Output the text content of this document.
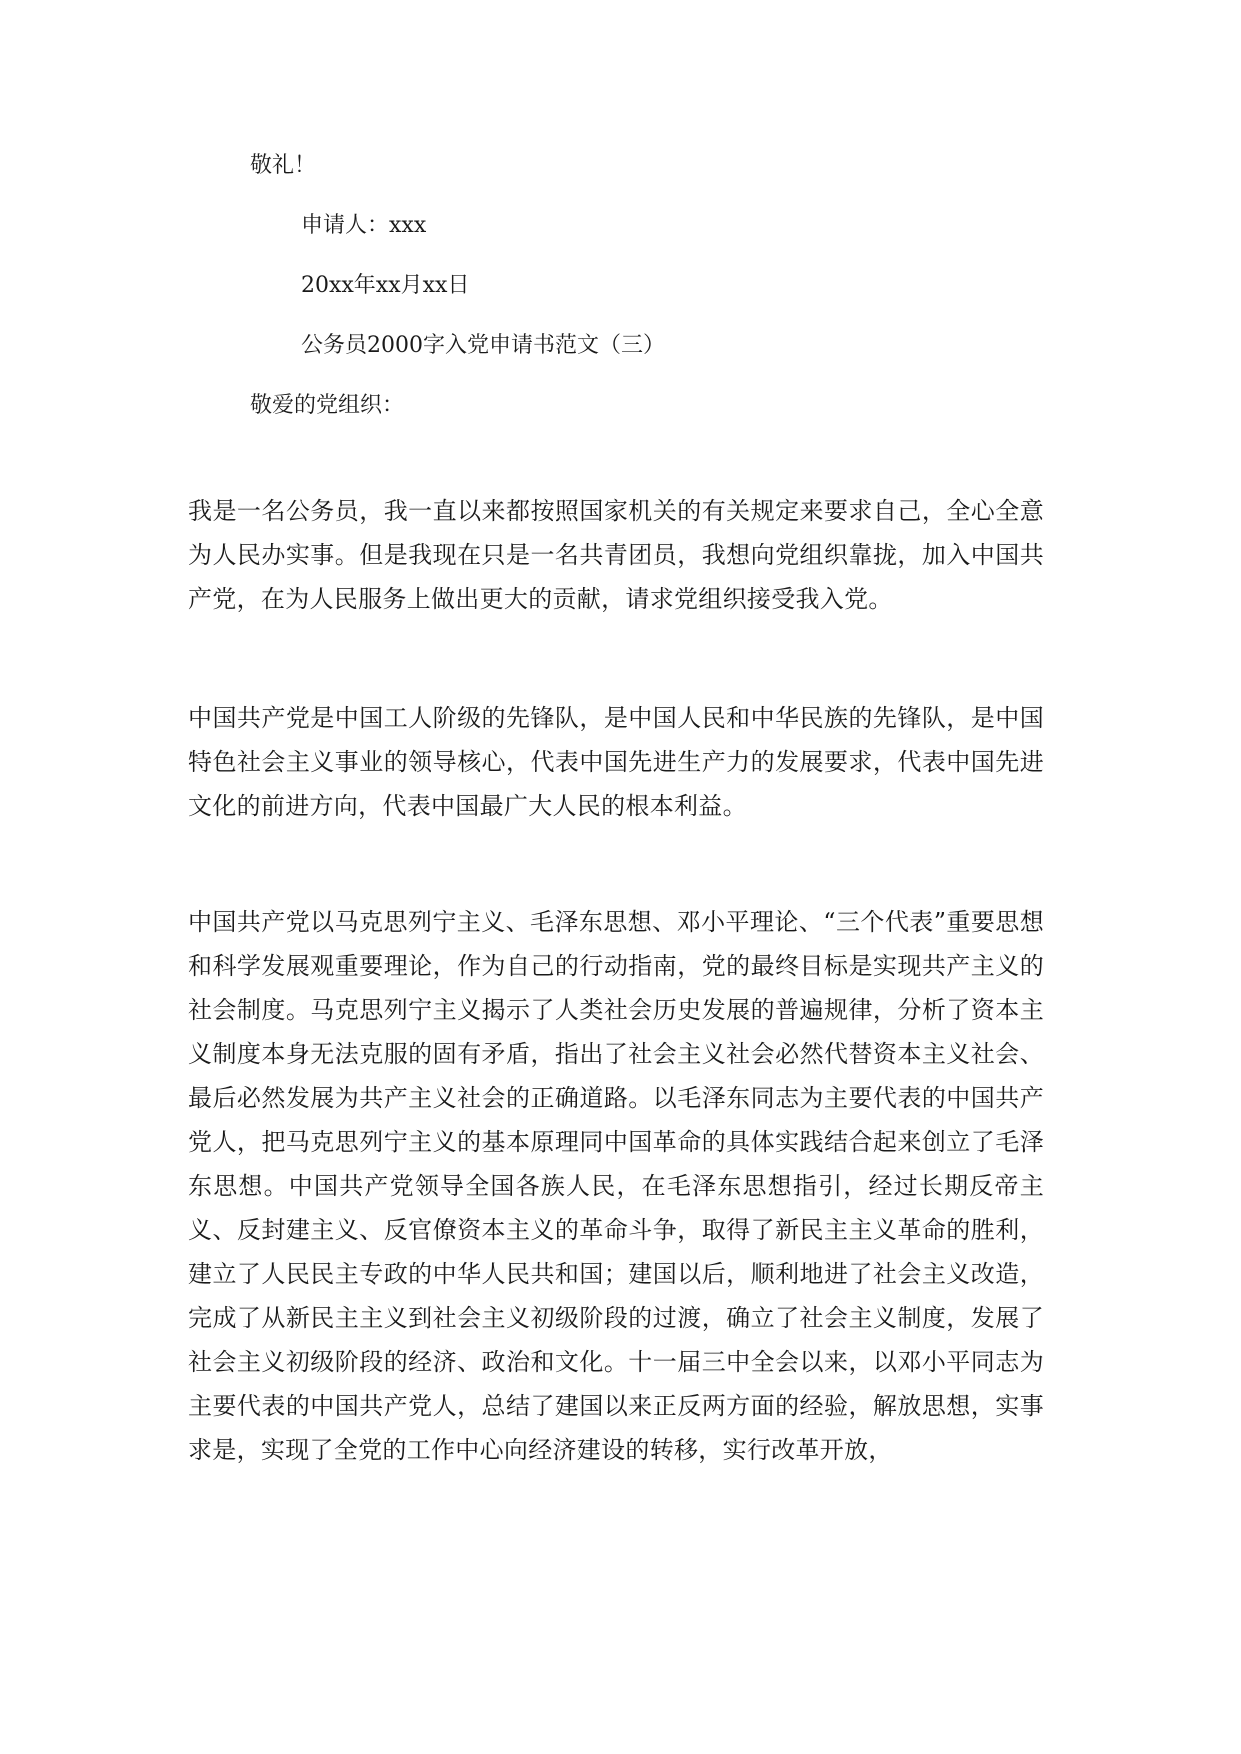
敬礼！
申请人：xxx
20xx年xx月xx日
公务员2000字入党申请书范文（三）
敬爱的党组织：

我是一名公务员，我一直以来都按照国家机关的有关规定来要求自己，全心全意为人民办实事。但是我现在只是一名共青团员，我想向党组织靠拢，加入中国共产党，在为人民服务上做出更大的贡献，请求党组织接受我入党。

中国共产党是中国工人阶级的先锋队，是中国人民和中华民族的先锋队，是中国特色社会主义事业的领导核心，代表中国先进生产力的发展要求，代表中国先进文化的前进方向，代表中国最广大人民的根本利益。

中国共产党以马克思列宁主义、毛泽东思想、邓小平理论、“三个代表”重要思想和科学发展观重要理论，作为自己的行动指南，党的最终目标是实现共产主义的社会制度。马克思列宁主义揭示了人类社会历史发展的普遍规律，分析了资本主义制度本身无法克服的固有矛盾，指出了社会主义社会必然代替资本主义社会、最后必然发展为共产主义社会的正确道路。以毛泽东同志为主要代表的中国共产党人，把马克思列宁主义的基本原理同中国革命的具体实践结合起来创立了毛泽东思想。中国共产党领导全国各族人民，在毛泽东思想指引，经过长期反帝主义、反封建主义、反官僚资本主义的革命斗争，取得了新民主主义革命的胜利，建立了人民民主专政的中华人民共和国；建国以后，顺利地进了社会主义改造，完成了从新民主主义到社会主义初级阶段的过渡，确立了社会主义制度，发展了社会主义初级阶段的经济、政治和文化。十一届三中全会以来，以邓小平同志为主要代表的中国共产党人，总结了建国以来正反两方面的经验，解放思想，实事求是，实现了全党的工作中心向经济建设的转移，实行改革开放，
